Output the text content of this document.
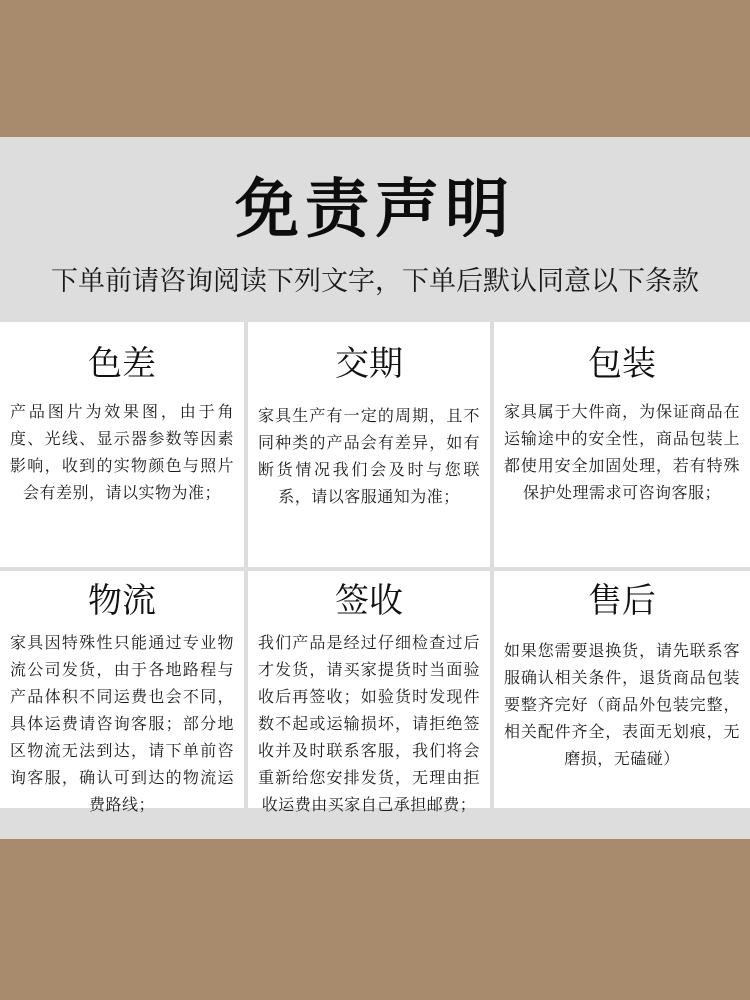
免责声明
下单前请咨询阅读下列文字，下单后默认同意以下条款
色差
产品图片为效果图，由于角度、光线、显示器参数等因素影响，收到的实物颜色与照片会有差别，请以实物为准；
交期
家具生产有一定的周期，且不同种类的产品会有差异，如有断货情况我们会及时与您联系，请以客服通知为准；
包装
家具属于大件商，为保证商品在运输途中的安全性，商品包装上都使用安全加固处理，若有特殊保护处理需求可咨询客服；
物流
家具因特殊性只能通过专业物流公司发货，由于各地路程与产品体积不同运费也会不同，具体运费请咨询客服；部分地区物流无法到达，请下单前咨询客服，确认可到达的物流运费路线；
签收
我们产品是经过仔细检查过后才发货，请买家提货时当面验收后再签收；如验货时发现件数不起或运输损坏，请拒绝签收并及时联系客服，我们将会重新给您安排发货，无理由拒收运费由买家自己承担邮费；
售后
如果您需要退换货，请先联系客服确认相关条件，退货商品包装要整齐完好（商品外包装完整，相关配件齐全，表面无划痕，无磨损，无磕碰）
